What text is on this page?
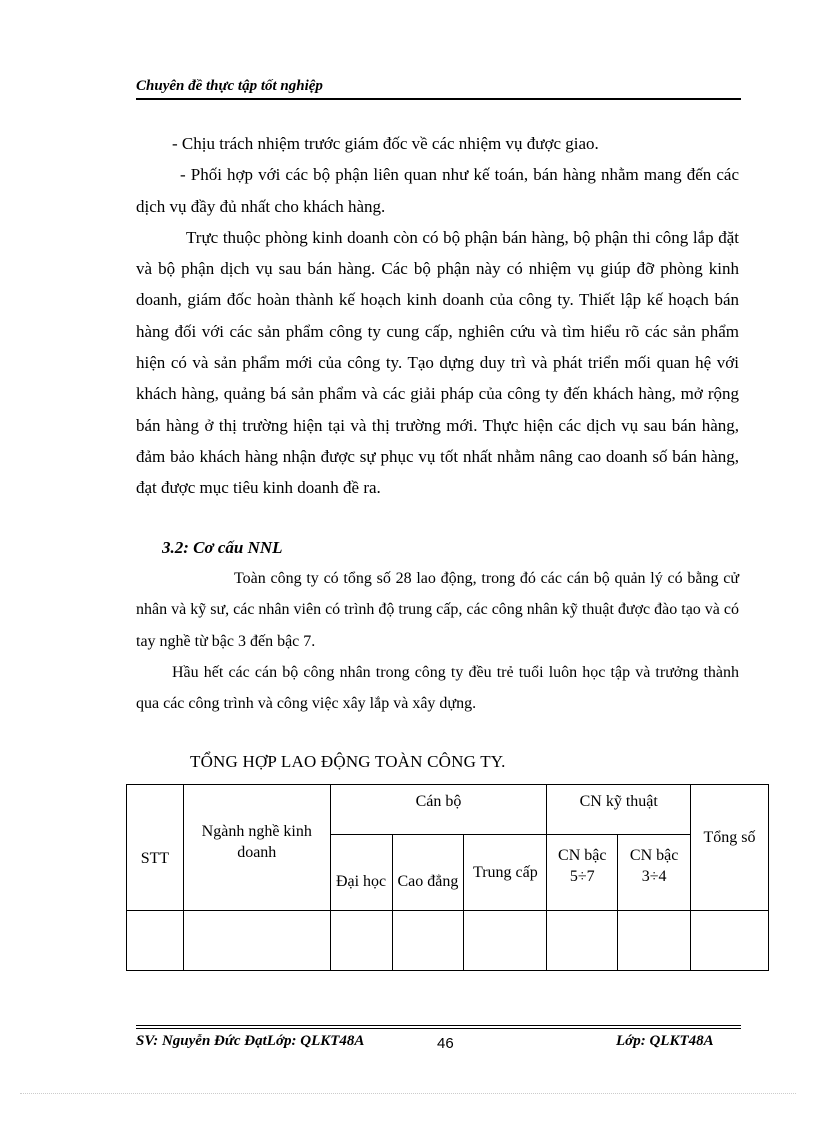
Chuyên đề thực tập tốt nghiệp

- Chịu trách nhiệm trước giám đốc về các nhiệm vụ được giao.

- Phối hợp với các bộ phận liên quan như kế toán, bán hàng nhằm mang đến các dịch vụ đầy đủ nhất cho khách hàng.

Trực thuộc phòng kinh doanh còn có bộ phận bán hàng, bộ phận thi công lắp đặt và bộ phận dịch vụ sau bán hàng. Các bộ phận này có nhiệm vụ giúp đỡ phòng kinh doanh, giám đốc hoàn thành kế hoạch kinh doanh của công ty. Thiết lập kế hoạch bán hàng đối với các sản phẩm công ty cung cấp, nghiên cứu và tìm hiểu rõ các sản phẩm hiện có và sản phẩm mới của công ty. Tạo dựng duy trì và phát triển mối quan hệ với khách hàng, quảng bá sản phẩm và các giải pháp của công ty đến khách hàng, mở rộng bán hàng ở thị trường hiện tại và thị trường mới. Thực hiện các dịch vụ sau bán hàng, đảm bảo khách hàng nhận được sự phục vụ tốt nhất nhằm nâng cao doanh số bán hàng, đạt được mục tiêu kinh doanh đề ra.

3.2: Cơ cấu NNL

Toàn công ty có tổng số 28 lao động, trong đó các cán bộ quản lý có bằng cử nhân và kỹ sư, các nhân viên có trình độ trung cấp, các công nhân kỹ thuật được đào tạo và có tay nghề từ bậc 3 đến bậc 7.

Hầu hết các cán bộ công nhân trong công ty đều trẻ tuổi luôn học tập và trưởng thành qua các công trình và công việc xây lắp và xây dựng.

TỔNG HỢP LAO ĐỘNG TOÀN CÔNG TY.
STT	Ngành nghề kinh doanh	Cán bộ			CN kỹ thuật		Tổng số
		Đại học	Cao đẳng	Trung cấp	CN bậc 5÷7	CN bậc 3÷4	

SV: Nguyễn Đức ĐạtLớp: QLKT48A	46	Lớp: QLKT48A
